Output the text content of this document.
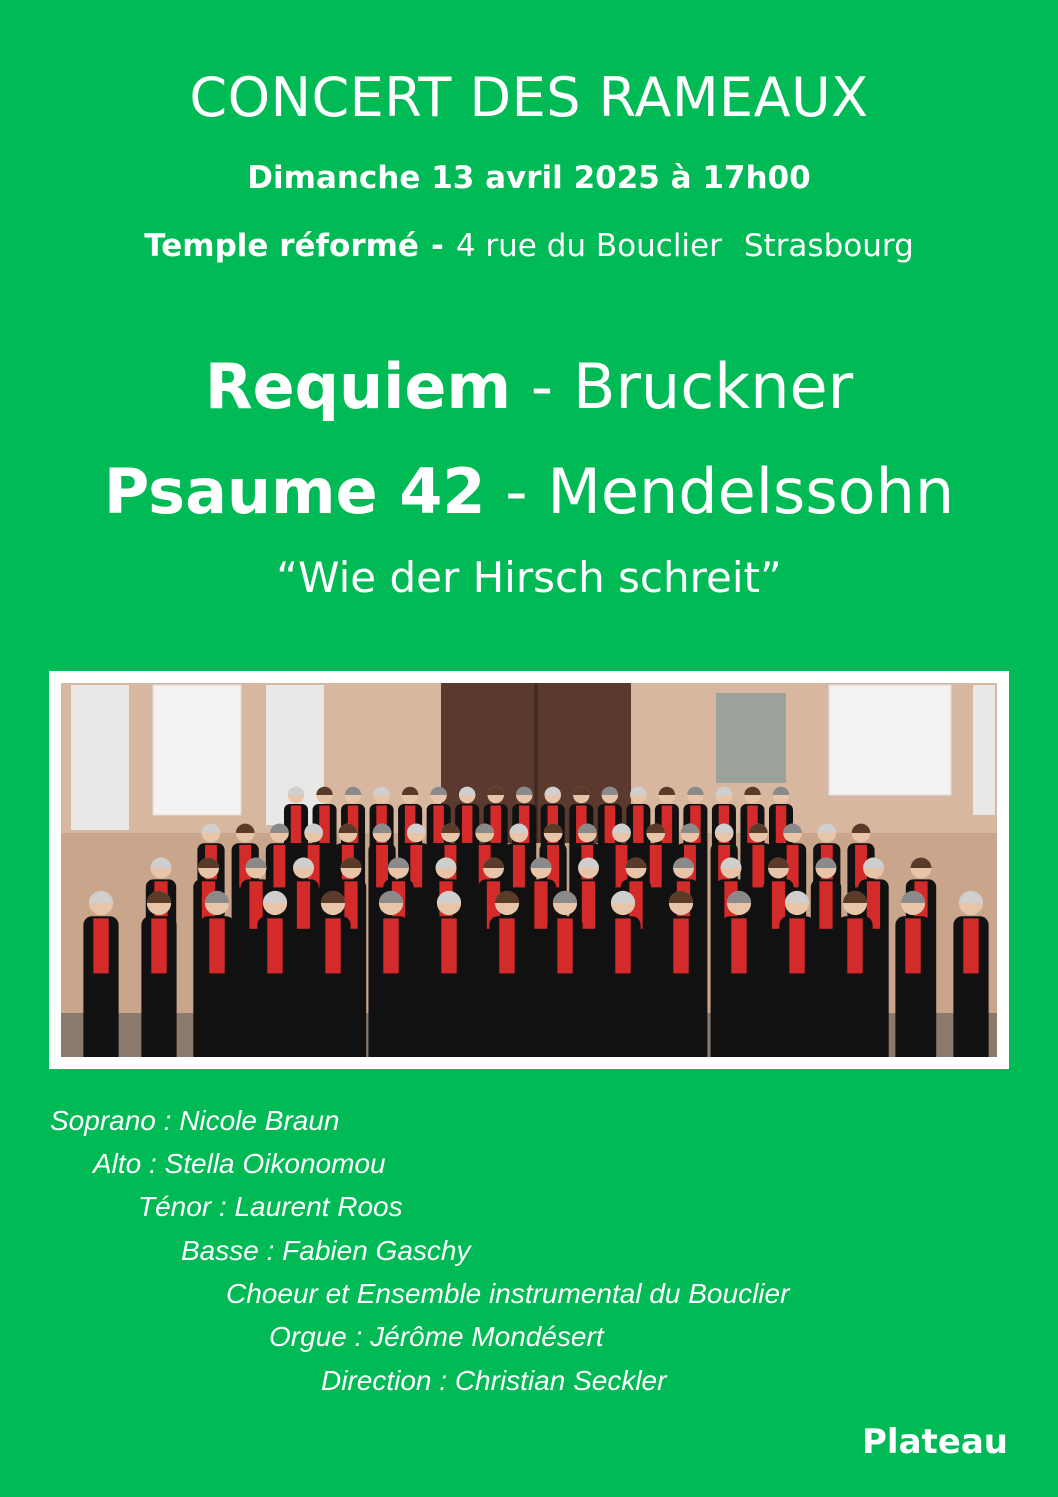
CONCERT DES RAMEAUX
Dimanche 13 avril 2025 à 17h00
Temple réformé - 4 rue du Bouclier Strasbourg
Requiem - Bruckner
Psaume 42 - Mendelssohn
“Wie der Hirsch schreit”
Soprano : Nicole Braun
Alto : Stella Oikonomou
Ténor : Laurent Roos
Basse : Fabien Gaschy
Choeur et Ensemble instrumental du Bouclier
Orgue : Jérôme Mondésert
Direction : Christian Seckler
Plateau
